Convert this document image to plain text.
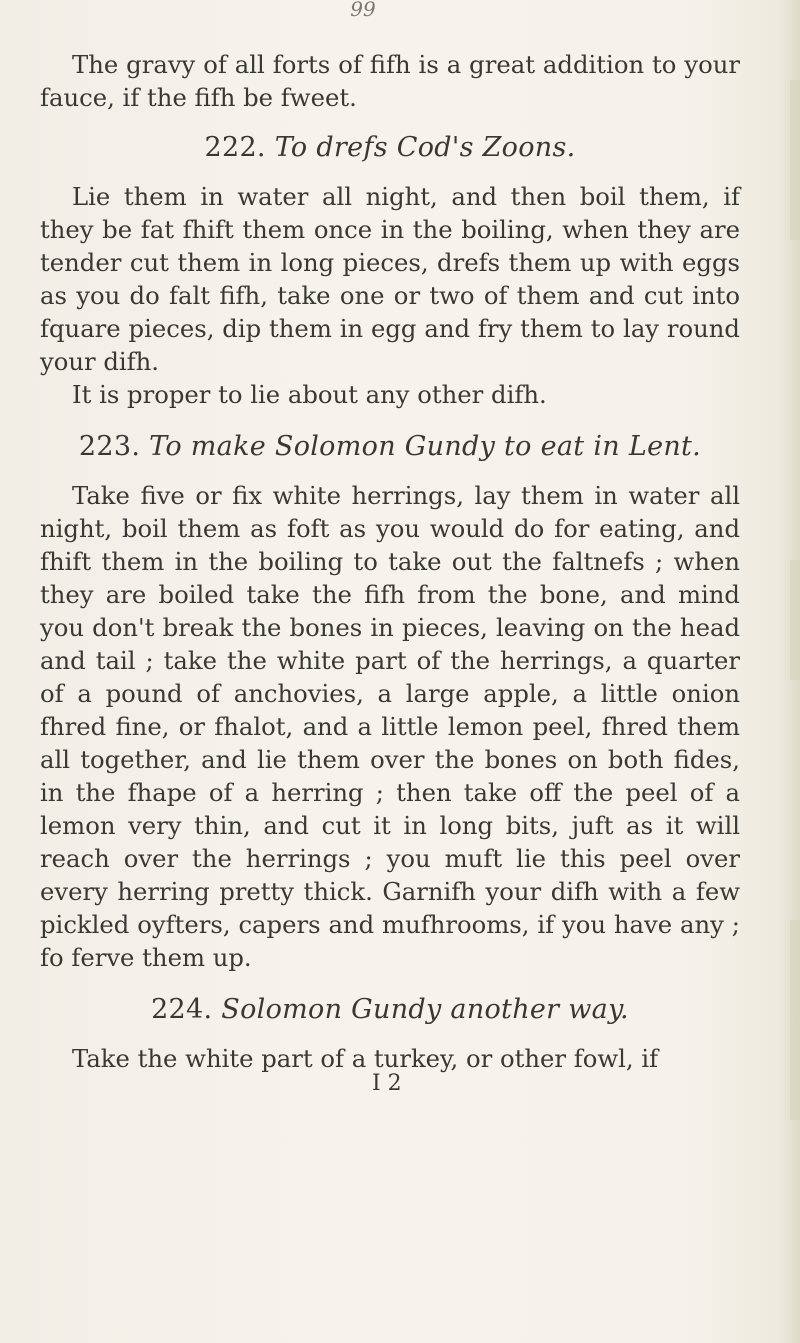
99

The gravy of all forts of fifh is a great addition to your fauce, if the fifh be fweet.

222. To drefs Cod's Zoons.

Lie them in water all night, and then boil them, if they be fat fhift them once in the boiling, when they are tender cut them in long pieces, drefs them up with eggs as you do falt fifh, take one or two of them and cut into fquare pieces, dip them in egg and fry them to lay round your difh.

It is proper to lie about any other difh.

223. To make Solomon Gundy to eat in Lent.

Take five or fix white herrings, lay them in water all night, boil them as foft as you would do for eating, and fhift them in the boiling to take out the faltnefs ; when they are boiled take the fifh from the bone, and mind you don't break the bones in pieces, leaving on the head and tail ; take the white part of the herrings, a quarter of a pound of anchovies, a large apple, a little onion fhred fine, or fhalot, and a little lemon peel, fhred them all together, and lie them over the bones on both fides, in the fhape of a herring ; then take off the peel of a lemon very thin, and cut it in long bits, juft as it will reach over the herrings ; you muft lie this peel over every herring pretty thick. Garnifh your difh with a few pickled oyfters, capers and mufhrooms, if you have any ; fo ferve them up.

224. Solomon Gundy another way.

Take the white part of a turkey, or other fowl, if

I 2
